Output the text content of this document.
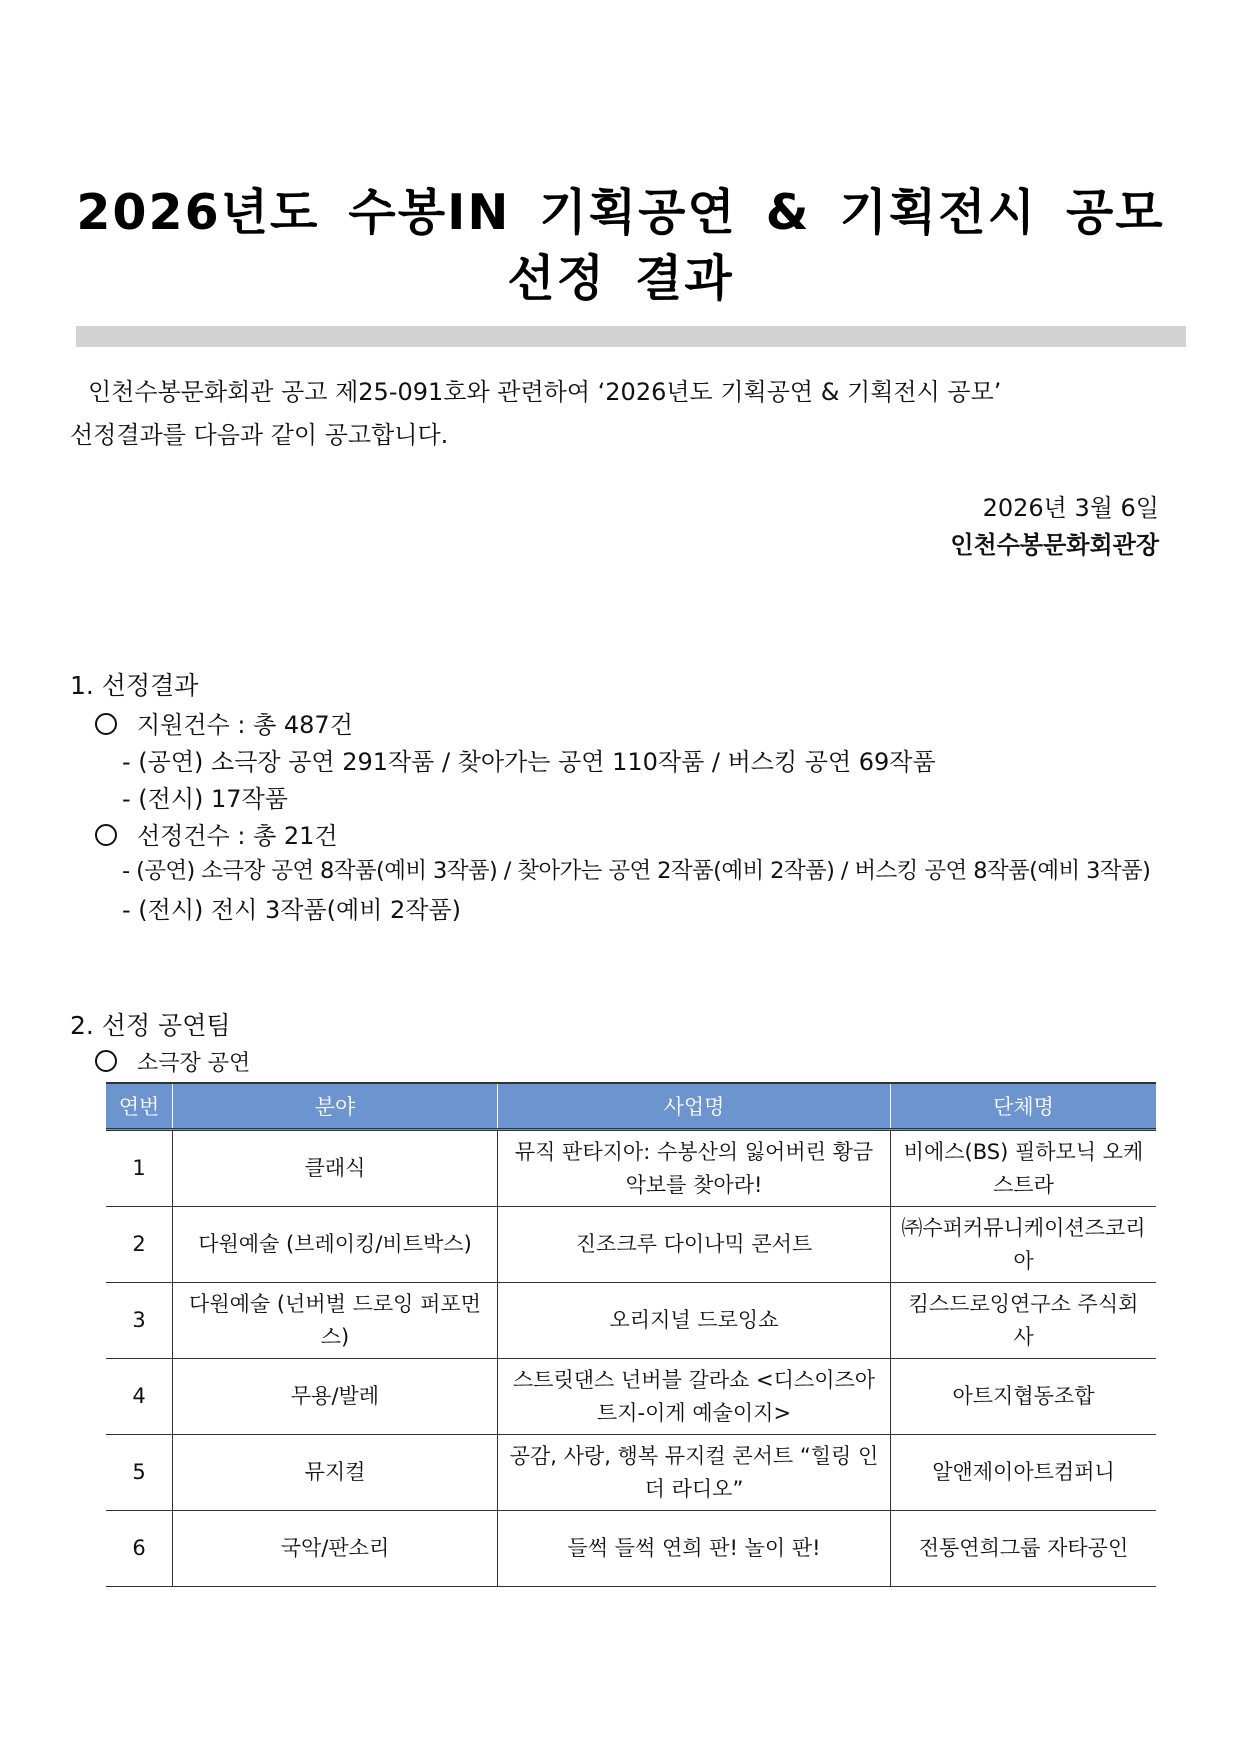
2026년도 수봉IN 기획공연 & 기획전시 공모
선정 결과
인천수봉문화회관 공고 제25-091호와 관련하여 ‘2026년도 기획공연 & 기획전시 공모’
선정결과를 다음과 같이 공고합니다.
2026년 3월 6일
인천수봉문화회관장
1. 선정결과
지원건수 : 총 487건
- (공연) 소극장 공연 291작품 / 찾아가는 공연 110작품 / 버스킹 공연 69작품
- (전시) 17작품
선정건수 : 총 21건
- (공연) 소극장 공연 8작품(예비 3작품) / 찾아가는 공연 2작품(예비 2작품) / 버스킹 공연 8작품(예비 3작품)
- (전시) 전시 3작품(예비 2작품)
2. 선정 공연팀
소극장 공연
연번	분야	사업명	단체명
1	클래식	뮤직 판타지아: 수봉산의 잃어버린 황금 악보를 찾아라!	비에스(BS) 필하모닉 오케스트라
2	다원예술 (브레이킹/비트박스)	진조크루 다이나믹 콘서트	㈜수퍼커뮤니케이션즈코리아
3	다원예술 (넌버벌 드로잉 퍼포먼스)	오리지널 드로잉쇼	킴스드로잉연구소 주식회사
4	무용/발레	스트릿댄스 넌버블 갈라쇼 <디스이즈아트지-이게 예술이지>	아트지협동조합
5	뮤지컬	공감, 사랑, 행복 뮤지컬 콘서트 “힐링 인 더 라디오”	알앤제이아트컴퍼니
6	국악/판소리	들썩 들썩 연희 판! 놀이 판!	전통연희그룹 자타공인
